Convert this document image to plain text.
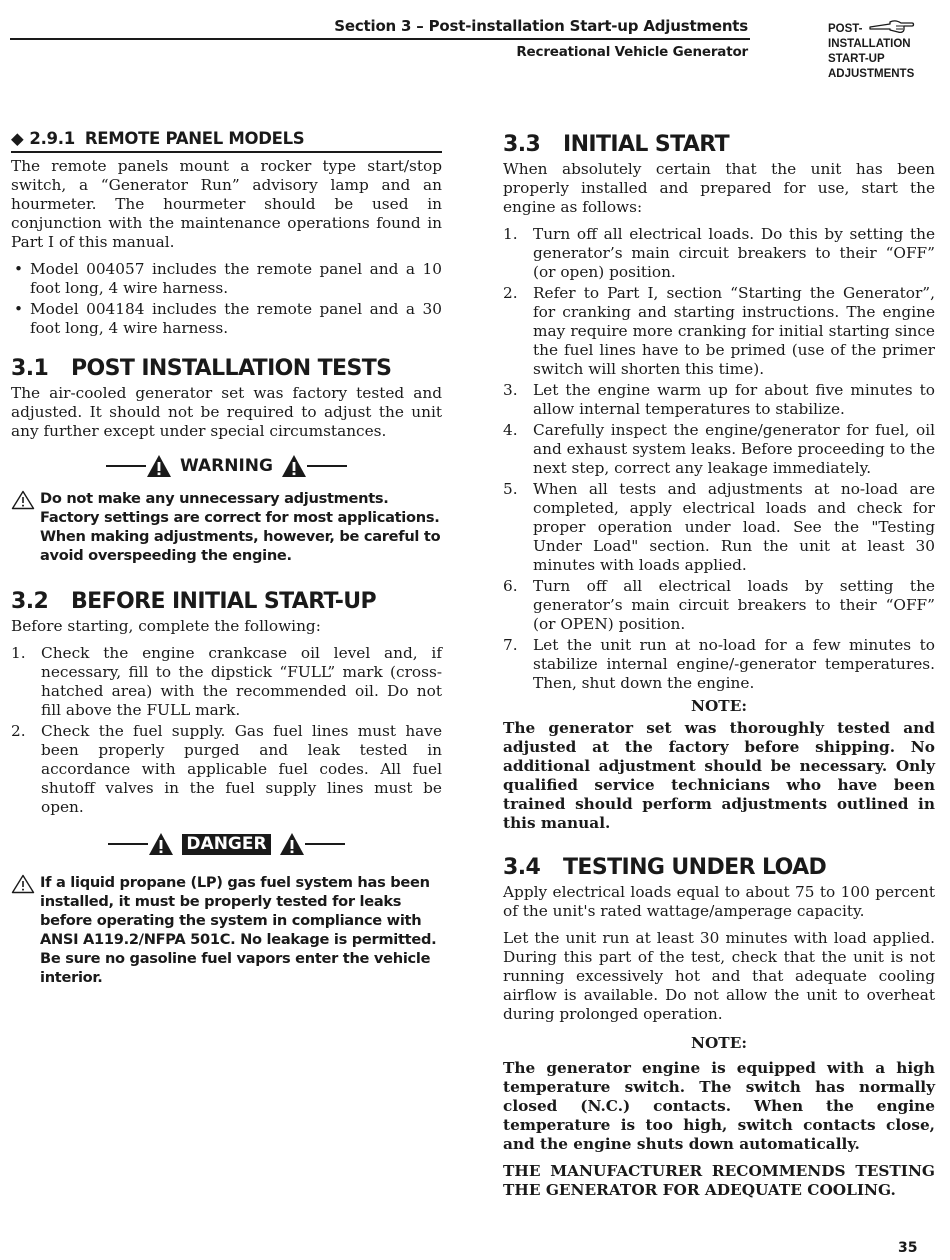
Section 3 – Post-installation Start-up Adjustments
Recreational Vehicle Generator
POST-
INSTALLATION
START-UP
ADJUSTMENTS
◆ 2.9.1 REMOTE PANEL MODELS

The remote panels mount a rocker type start/stop switch, a “Generator Run” advisory lamp and an hourmeter. The hourmeter should be used in conjunction with the maintenance operations found in Part I of this manual.

• Model 004057 includes the remote panel and a 10 foot long, 4 wire harness.
• Model 004184 includes the remote panel and a 30 foot long, 4 wire harness.
3.1 POST INSTALLATION TESTS

The air-cooled generator set was factory tested and adjusted. It should not be required to adjust the unit any further except under special circumstances.

WARNING
Do not make any unnecessary adjustments. Factory settings are correct for most applications. When making adjustments, however, be careful to avoid overspeeding the engine.
3.2 BEFORE INITIAL START-UP

Before starting, complete the following:

1. Check the engine crankcase oil level and, if necessary, fill to the dipstick “FULL” mark (cross-hatched area) with the recommended oil. Do not fill above the FULL mark.
2. Check the fuel supply. Gas fuel lines must have been properly purged and leak tested in accordance with applicable fuel codes. All fuel shutoff valves in the fuel supply lines must be open.
DANGER
If a liquid propane (LP) gas fuel system has been installed, it must be properly tested for leaks before operating the system in compliance with ANSI A119.2/NFPA 501C. No leakage is permitted. Be sure no gasoline fuel vapors enter the vehicle interior.
3.3 INITIAL START

When absolutely certain that the unit has been properly installed and prepared for use, start the engine as follows:

1. Turn off all electrical loads. Do this by setting the generator’s main circuit breakers to their “OFF” (or open) position.
2. Refer to Part I, section “Starting the Generator”, for cranking and starting instructions. The engine may require more cranking for initial starting since the fuel lines have to be primed (use of the primer switch will shorten this time).
3. Let the engine warm up for about five minutes to allow internal temperatures to stabilize.
4. Carefully inspect the engine/generator for fuel, oil and exhaust system leaks. Before proceeding to the next step, correct any leakage immediately.
5. When all tests and adjustments at no-load are completed, apply electrical loads and check for proper operation under load. See the "Testing Under Load" section. Run the unit at least 30 minutes with loads applied.
6. Turn off all electrical loads by setting the generator’s main circuit breakers to their “OFF” (or OPEN) position.
7. Let the unit run at no-load for a few minutes to stabilize internal engine/-generator temperatures. Then, shut down the engine.
NOTE:

The generator set was thoroughly tested and adjusted at the factory before shipping. No additional adjustment should be necessary. Only qualified service technicians who have been trained should perform adjustments outlined in this manual.

3.4 TESTING UNDER LOAD

Apply electrical loads equal to about 75 to 100 percent of the unit's rated wattage/amperage capacity.

Let the unit run at least 30 minutes with load applied. During this part of the test, check that the unit is not running excessively hot and that adequate cooling airflow is available. Do not allow the unit to overheat during prolonged operation.

NOTE:

The generator engine is equipped with a high temperature switch. The switch has normally closed (N.C.) contacts. When the engine temperature is too high, switch contacts close, and the engine shuts down automatically.

THE MANUFACTURER RECOMMENDS TESTING THE GENERATOR FOR ADEQUATE COOLING.

35
